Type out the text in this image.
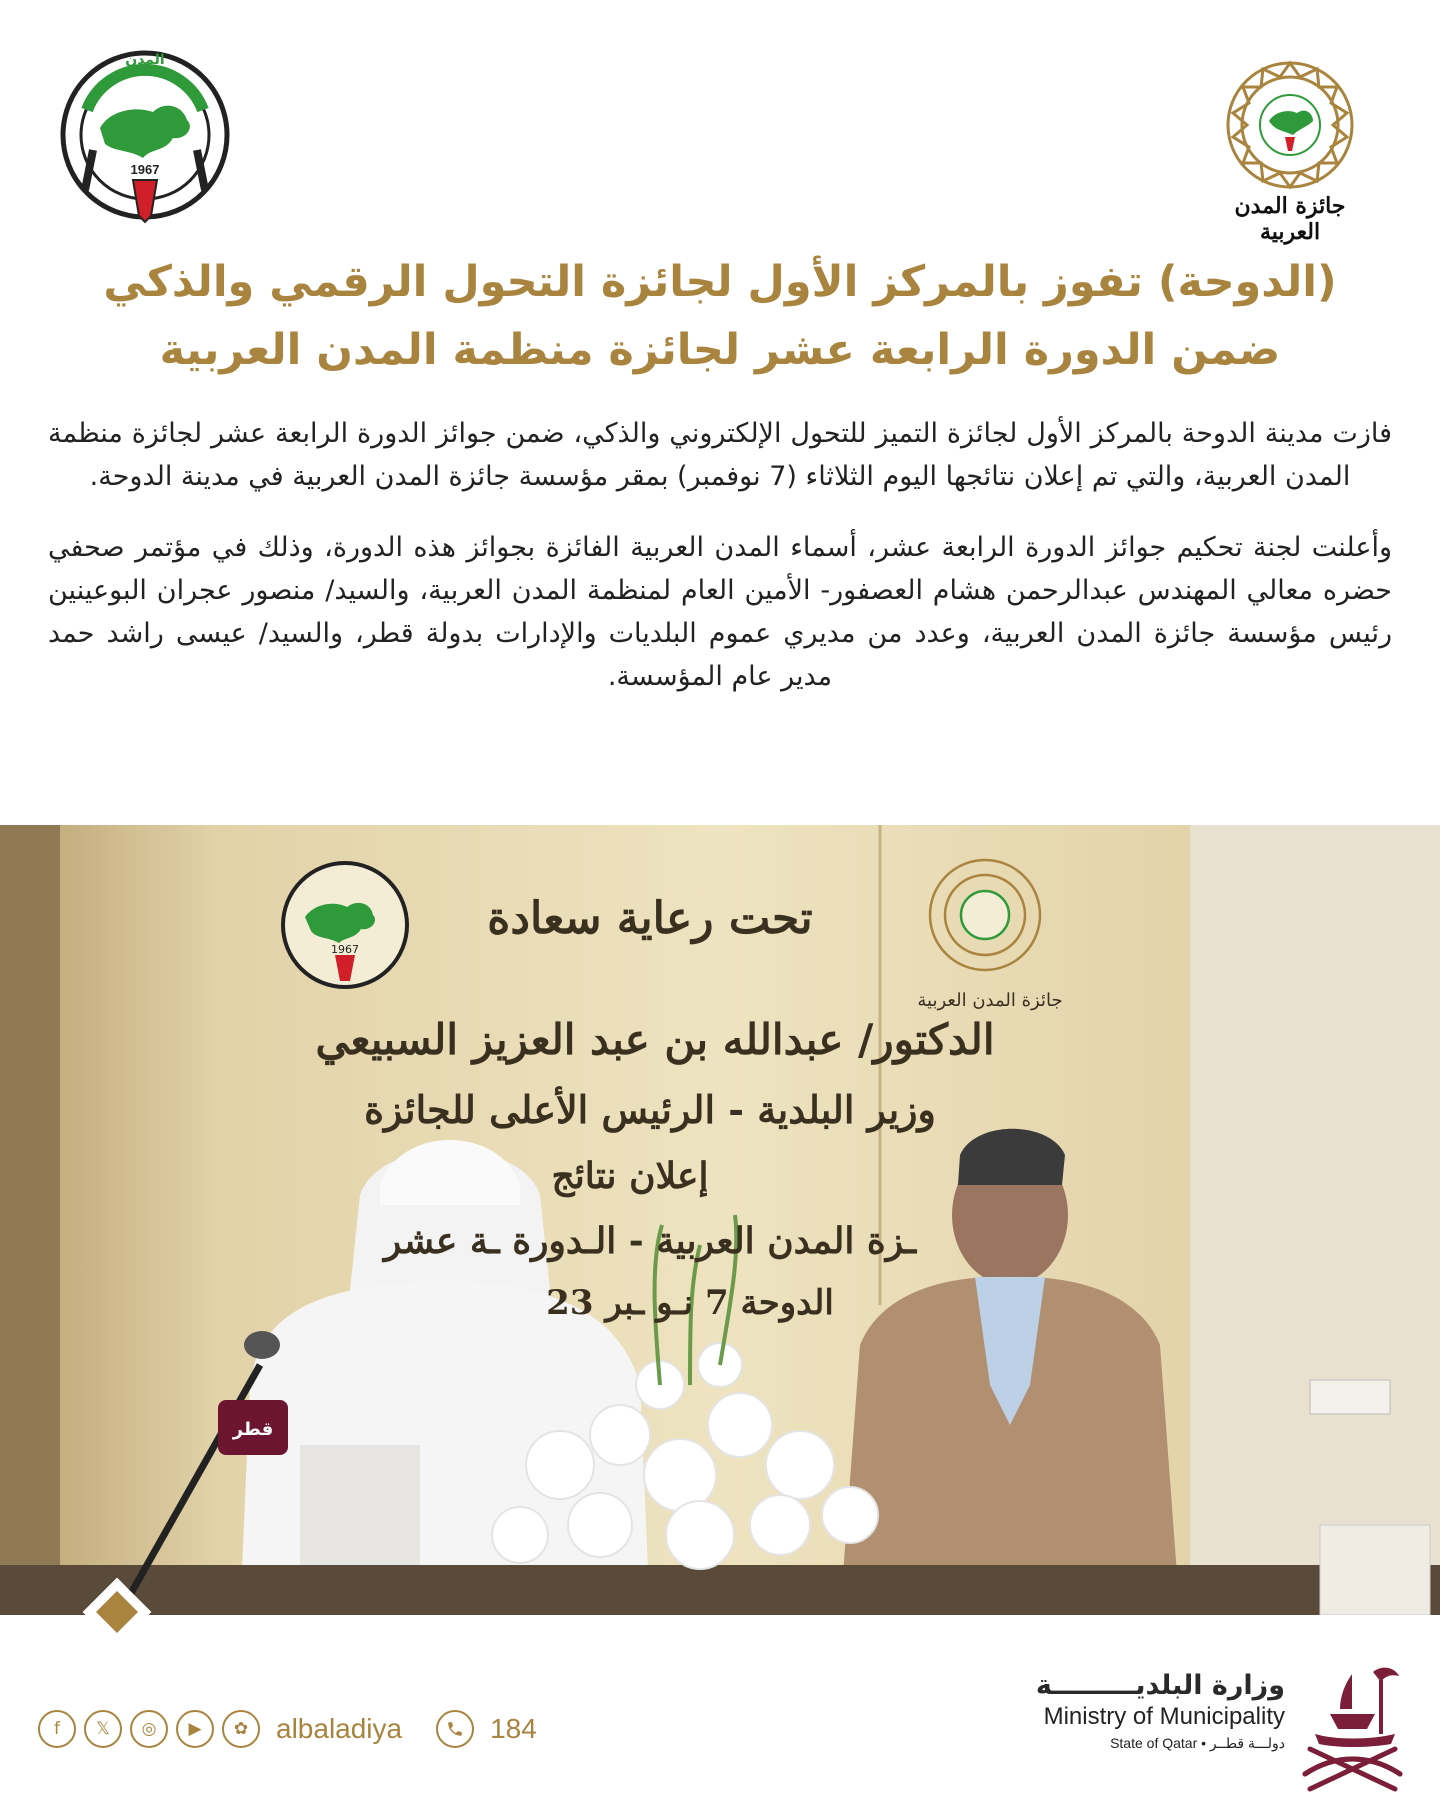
1967
المدن
جائزة المدن العربية
(الدوحة) تفوز بالمركز الأول لجائزة التحول الرقمي والذكي
ضمن الدورة الرابعة عشر لجائزة منظمة المدن العربية

فازت مدينة الدوحة بالمركز الأول لجائزة التميز للتحول الإلكتروني والذكي، ضمن جوائز الدورة الرابعة عشر لجائزة منظمة المدن العربية، والتي تم إعلان نتائجها اليوم الثلاثاء (7 نوفمبر) بمقر مؤسسة جائزة المدن العربية في مدينة الدوحة.

وأعلنت لجنة تحكيم جوائز الدورة الرابعة عشر، أسماء المدن العربية الفائزة بجوائز هذه الدورة، وذلك في مؤتمر صحفي حضره معالي المهندس عبدالرحمن هشام العصفور- الأمين العام لمنظمة المدن العربية، والسيد/ منصور عجران البوعينين رئيس مؤسسة جائزة المدن العربية، وعدد من مديري عموم البلديات والإدارات بدولة قطر، والسيد/ عيسى راشد حمد مدير عام المؤسسة.

1967
قطر
تحت رعاية سعادة
الدكتور/ عبدالله بن عبد العزيز السبيعي
وزير البلدية - الرئيس الأعلى للجائزة
إعلان نتائج
ـزة المدن العربية - الـدورة ـة عشر
الدوحة 7 نـو ـبر 23
جائزة المدن العربية
f	𝕏	◎	▶	✿ albaladiya	184
وزارة البلديـــــــــة
Ministry of Municipality
State of Qatar • دولـــة قطــر
